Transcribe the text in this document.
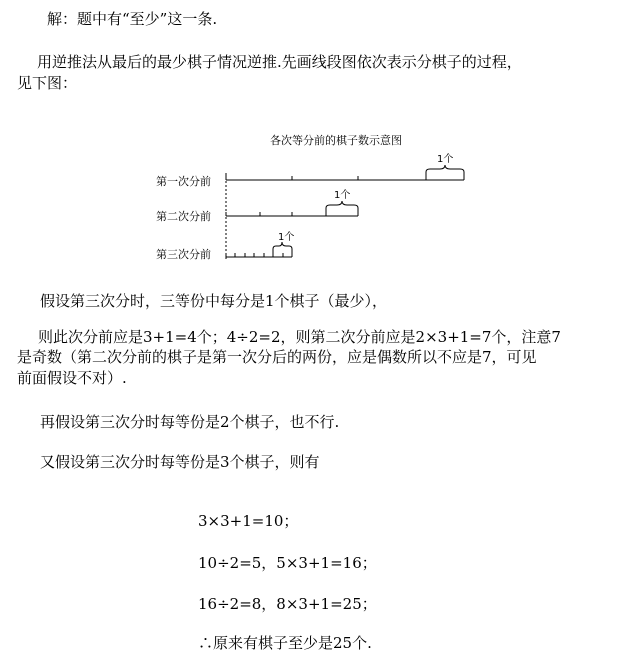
解：题中有“至少”这一条.
用逆推法从最后的最少棋子情况逆推.先画线段图依次表示分棋子的过程，
见下图：
各次等分前的棋子数示意图
第一次分前
1个
第二次分前
1个
第三次分前
1个
假设第三次分时，三等份中每分是1个棋子（最少），
则此次分前应是3+1=4个；4÷2=2，则第二次分前应是2×3+1=7个，注意7
是奇数（第二次分前的棋子是第一次分后的两份，应是偶数所以不应是7，可见
前面假设不对）.
再假设第三次分时每等份是2个棋子，也不行.
又假设第三次分时每等份是3个棋子，则有
3×3+1=10；
10÷2=5，5×3+1=16；
16÷2=8，8×3+1=25；
∴原来有棋子至少是25个.
